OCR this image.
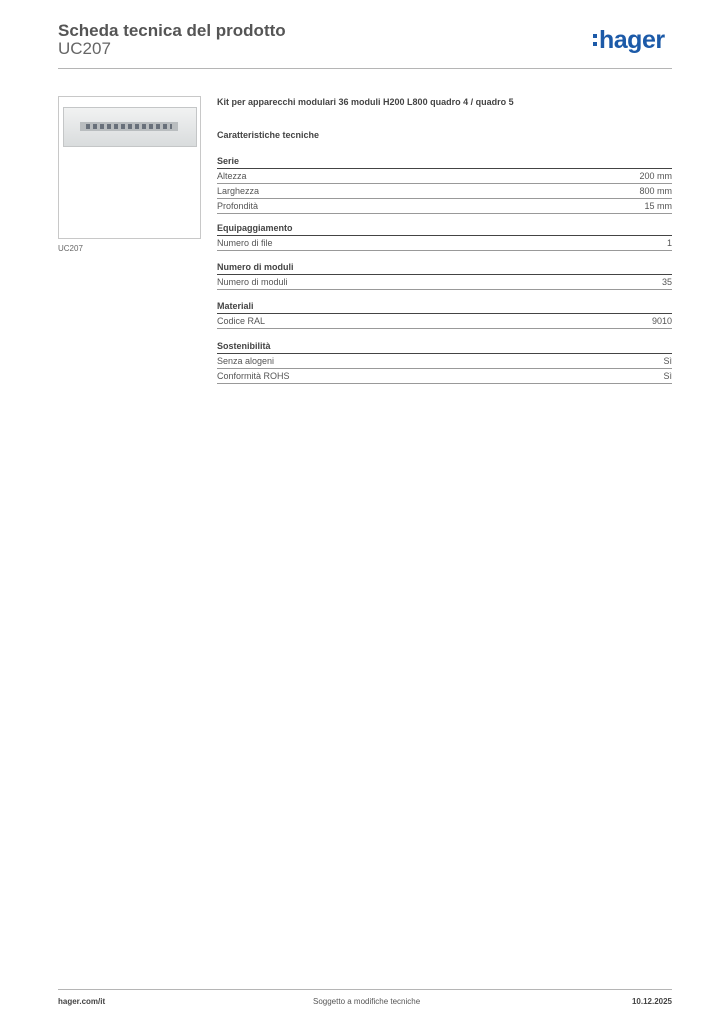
Scheda tecnica del prodotto
UC207	hager
UC207
Kit per apparecchi modulari 36 moduli H200 L800 quadro 4 / quadro 5
Caratteristiche tecniche
Serie
Altezza	200 mm
Larghezza	800 mm
Profondità	15 mm
Equipaggiamento
Numero di file	1
Numero di moduli
Numero di moduli	35
Materiali
Codice RAL	9010
Sostenibilità
Senza alogeni	Sì
Conformità ROHS	Sì
hager.com/it	Soggetto a modifiche tecniche	10.12.2025
